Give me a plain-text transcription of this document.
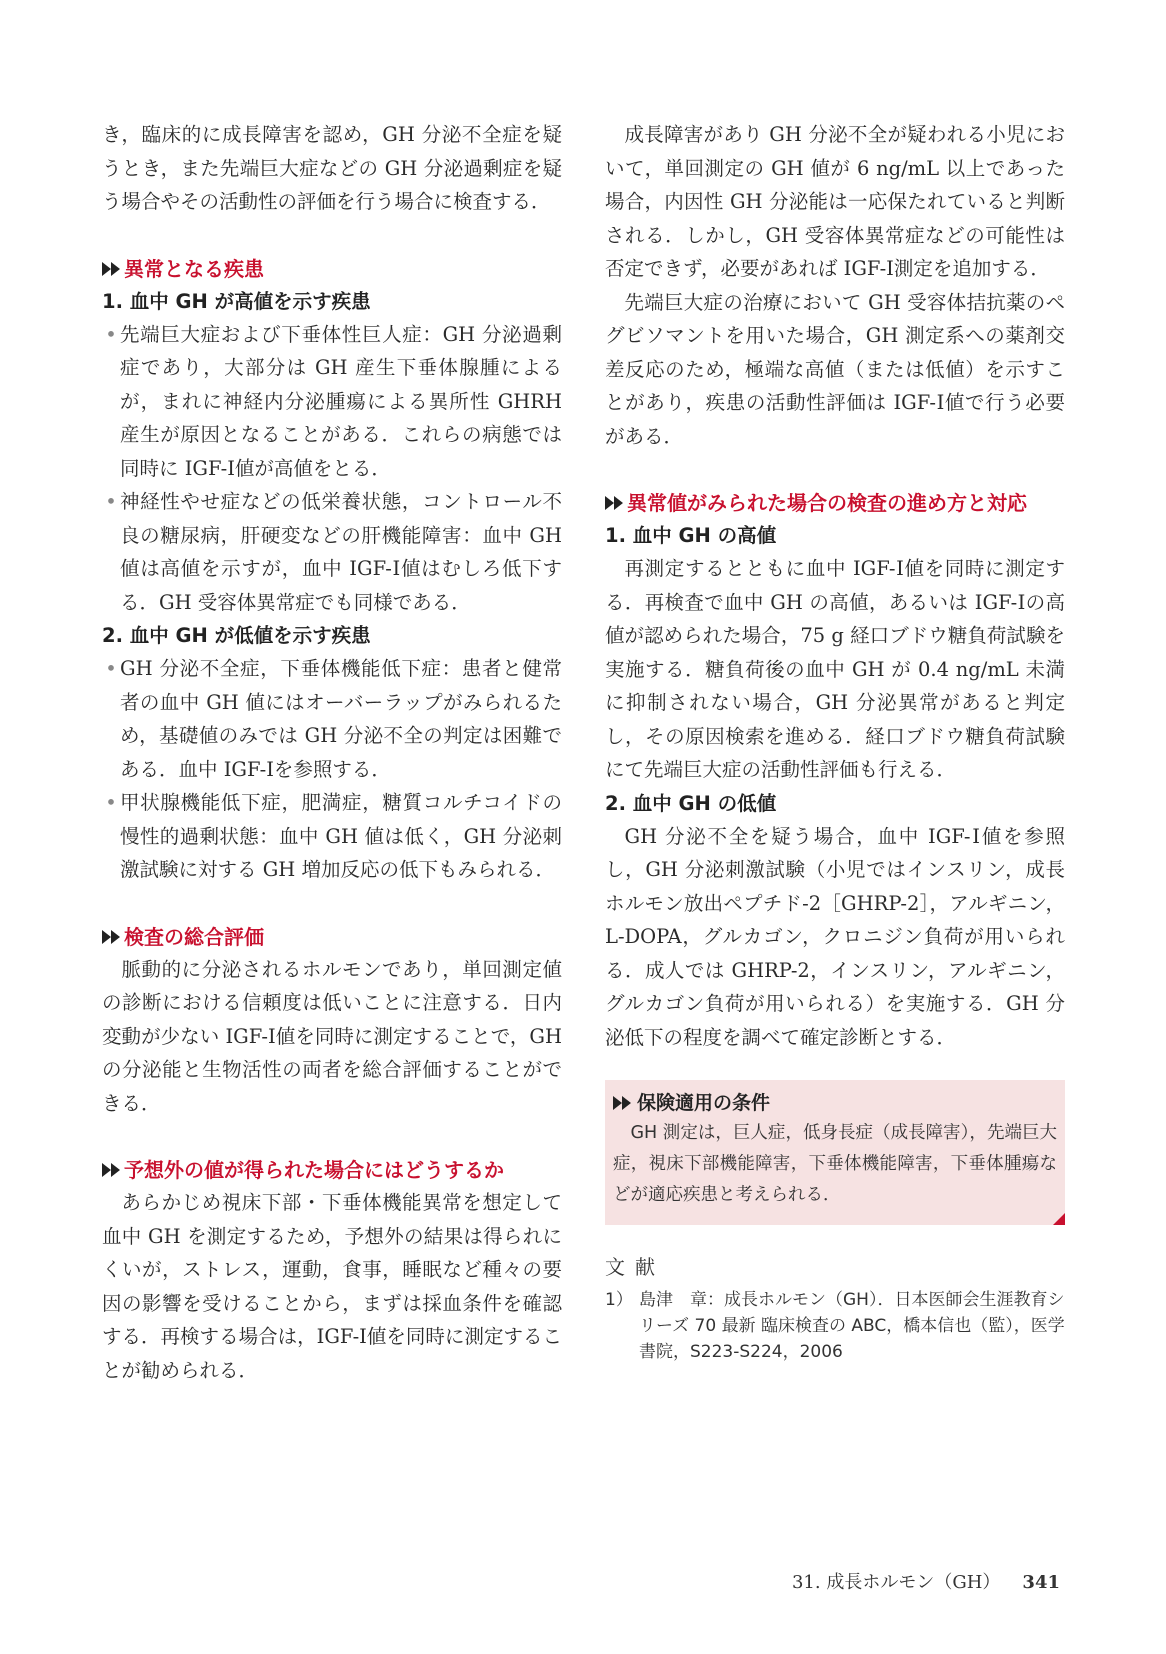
き，臨床的に成長障害を認め，GH 分泌不全症を疑うとき，また先端巨大症などの GH 分泌過剰症を疑う場合やその活動性の評価を行う場合に検査する．

異常となる疾患
1. 血中 GH が高値を示す疾患
• 先端巨大症および下垂体性巨人症：GH 分泌過剰症であり，大部分は GH 産生下垂体腺腫によるが，まれに神経内分泌腫瘍による異所性 GHRH 産生が原因となることがある．これらの病態では同時に IGF-Ⅰ値が高値をとる．
• 神経性やせ症などの低栄養状態，コントロール不良の糖尿病，肝硬変などの肝機能障害：血中 GH 値は高値を示すが，血中 IGF-Ⅰ値はむしろ低下する．GH 受容体異常症でも同様である．
2. 血中 GH が低値を示す疾患
• GH 分泌不全症，下垂体機能低下症：患者と健常者の血中 GH 値にはオーバーラップがみられるため，基礎値のみでは GH 分泌不全の判定は困難である．血中 IGF-Ⅰを参照する．
• 甲状腺機能低下症，肥満症，糖質コルチコイドの慢性的過剰状態：血中 GH 値は低く，GH 分泌刺激試験に対する GH 増加反応の低下もみられる．
検査の総合評価

脈動的に分泌されるホルモンであり，単回測定値の診断における信頼度は低いことに注意する．日内変動が少ない IGF-Ⅰ値を同時に測定することで，GH の分泌能と生物活性の両者を総合評価することができる．

予想外の値が得られた場合にはどうするか

あらかじめ視床下部・下垂体機能異常を想定して血中 GH を測定するため，予想外の結果は得られにくいが，ストレス，運動，食事，睡眠など種々の要因の影響を受けることから，まずは採血条件を確認する．再検する場合は，IGF-Ⅰ値を同時に測定することが勧められる．

成長障害があり GH 分泌不全が疑われる小児において，単回測定の GH 値が 6 ng/mL 以上であった場合，内因性 GH 分泌能は一応保たれていると判断される．しかし，GH 受容体異常症などの可能性は否定できず，必要があれば IGF-Ⅰ測定を追加する．

先端巨大症の治療において GH 受容体拮抗薬のペグビソマントを用いた場合，GH 測定系への薬剤交差反応のため，極端な高値（または低値）を示すことがあり，疾患の活動性評価は IGF-Ⅰ値で行う必要がある．

異常値がみられた場合の検査の進め方と対応
1. 血中 GH の高値

再測定するとともに血中 IGF-Ⅰ値を同時に測定する．再検査で血中 GH の高値，あるいは IGF-Ⅰの高値が認められた場合，75 g 経口ブドウ糖負荷試験を実施する．糖負荷後の血中 GH が 0.4 ng/mL 未満に抑制されない場合，GH 分泌異常があると判定し，その原因検索を進める．経口ブドウ糖負荷試験にて先端巨大症の活動性評価も行える．

2. 血中 GH の低値

GH 分泌不全を疑う場合，血中 IGF-Ⅰ値を参照し，GH 分泌刺激試験（小児ではインスリン，成長ホルモン放出ペプチド-2［GHRP-2］，アルギニン，L-DOPA，グルカゴン，クロニジン負荷が用いられる．成人では GHRP-2，インスリン，アルギニン，グルカゴン負荷が用いられる）を実施する．GH 分泌低下の程度を調べて確定診断とする．

保険適用の条件
GH 測定は，巨人症，低身長症（成長障害），先端巨大症，視床下部機能障害，下垂体機能障害，下垂体腫瘍などが適応疾患と考えられる．
文献
1） 島津　章：成長ホルモン（GH）．日本医師会生涯教育シリーズ 70 最新 臨床検査の ABC，橋本信也（監），医学書院，S223-S224，2006
31. 成長ホルモン（GH） 341
